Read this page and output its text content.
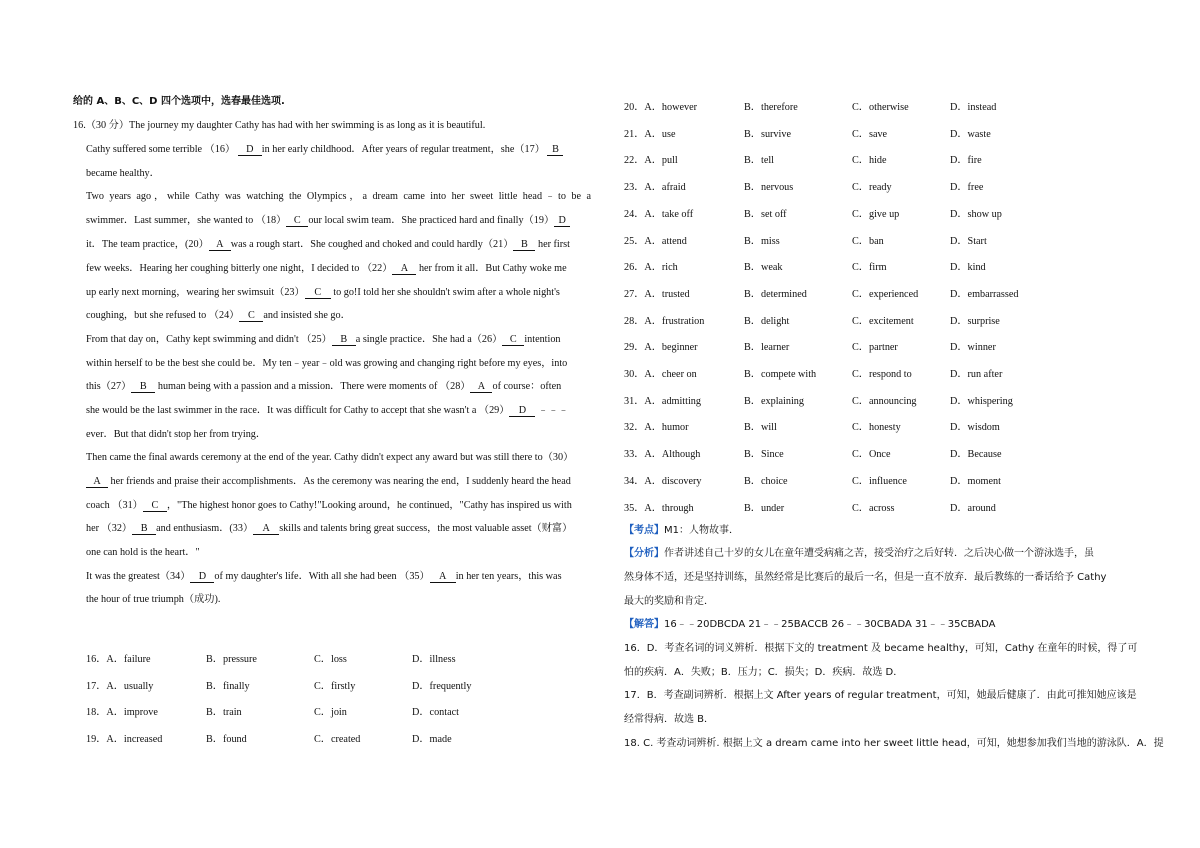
给的 A、B、C、D 四个选项中，选春最佳选项.
16.（30 分）The journey my daughter Cathy has had with her swimming is as long as it is beautiful.
Cathy suffered some terrible （16） D in her early childhood．After years of regular treatment，she（17） B
became healthy．
Two years ago，while Cathy was watching the Olympics，a dream came into her sweet little head﹣to be a
swimmer．Last summer，she wanted to （18） C our local swim team．She practiced hard and finally（19） D
it．The team practice，(20） A was a rough start．She coughed and choked and could hardly（21） B her first
few weeks．Hearing her coughing bitterly one night，I decided to （22） A her from it all．But Cathy woke me
up early next morning，wearing her swimsuit（23） C to go!I told her she shouldn't swim after a whole night's
coughing，but she refused to （24） C and insisted she go．
From that day on，Cathy kept swimming and didn't （25） B a single practice．She had a（26） C intention
within herself to be the best she could be．My ten﹣year﹣old was growing and changing right before my eyes，into
this（27） B human being with a passion and a mission．There were moments of （28） A of course：often
she would be the last swimmer in the race．It was difficult for Cathy to accept that she wasn't a （29） D ﹣﹣﹣
ever．But that didn't stop her from trying．
Then came the final awards ceremony at the end of the year. Cathy didn't expect any award but was still there to（30）
A her friends and praise their accomplishments．As the ceremony was nearing the end，I suddenly heard the head
coach （31） C ，"The highest honor goes to Cathy!"Looking around，he continued，"Cathy has inspired us with
her （32） B and enthusiasm．(33） A skills and talents bring great success，the most valuable asset（财富）
one can hold is the heart．"
It was the greatest（34） D of my daughter's life．With all she had been （35） A in her ten years，this was
the hour of true triumph（成功).
16．A．failure	B．pressure	C．loss	D．illness
17．A．usually	B．finally	C．firstly	D．frequently
18．A．improve	B．train	C．join	D．contact
19．A．increased	B．found	C．created	D．made
20．A．however	B．therefore	C．otherwise	D．instead
21．A．use	B．survive	C．save	D．waste
22．A．pull	B．tell	C．hide	D．fire
23．A．afraid	B．nervous	C．ready	D．free
24．A．take off	B．set off	C．give up	D．show up
25．A．attend	B．miss	C．ban	D．Start
26．A．rich	B．weak	C．firm	D．kind
27．A．trusted	B．determined	C．experienced	D．embarrassed
28．A．frustration	B．delight	C．excitement	D．surprise
29．A．beginner	B．learner	C．partner	D．winner
30．A．cheer on	B．compete with	C．respond to	D．run after
31．A．admitting	B．explaining	C．announcing	D．whispering
32．A．humor	B．will	C．honesty	D．wisdom
33．A．Although	B．Since	C．Once	D．Because
34．A．discovery	B．choice	C．influence	D．moment
35．A．through	B．under	C．across	D．around
【考点】M1：人物故事．
【分析】作者讲述自己十岁的女儿在童年遭受病痛之苦，接受治疗之后好转．之后决心做一个游泳选手，虽
然身体不适，还是坚持训练，虽然经常是比赛后的最后一名，但是一直不放弃．最后教练的一番话给予 Cathy
最大的奖励和肯定．
【解答】16﹣﹣20DBCDA 21﹣﹣25BACCB 26﹣﹣30CBADA 31﹣﹣35CBADA
16．D．考查名词的词义辨析．根据下文的 treatment 及 became healthy，可知，Cathy 在童年的时候，得了可
怕的疾病．A．失败；B．压力；C．损失；D．疾病．故选 D．
17．B．考查副词辨析．根据上文 After years of regular treatment，可知，她最后健康了．由此可推知她应该是
经常得病．故选 B．
18. C. 考查动词辨析. 根据上文 a dream came into her sweet little head，可知，她想参加我们当地的游泳队．A．提
